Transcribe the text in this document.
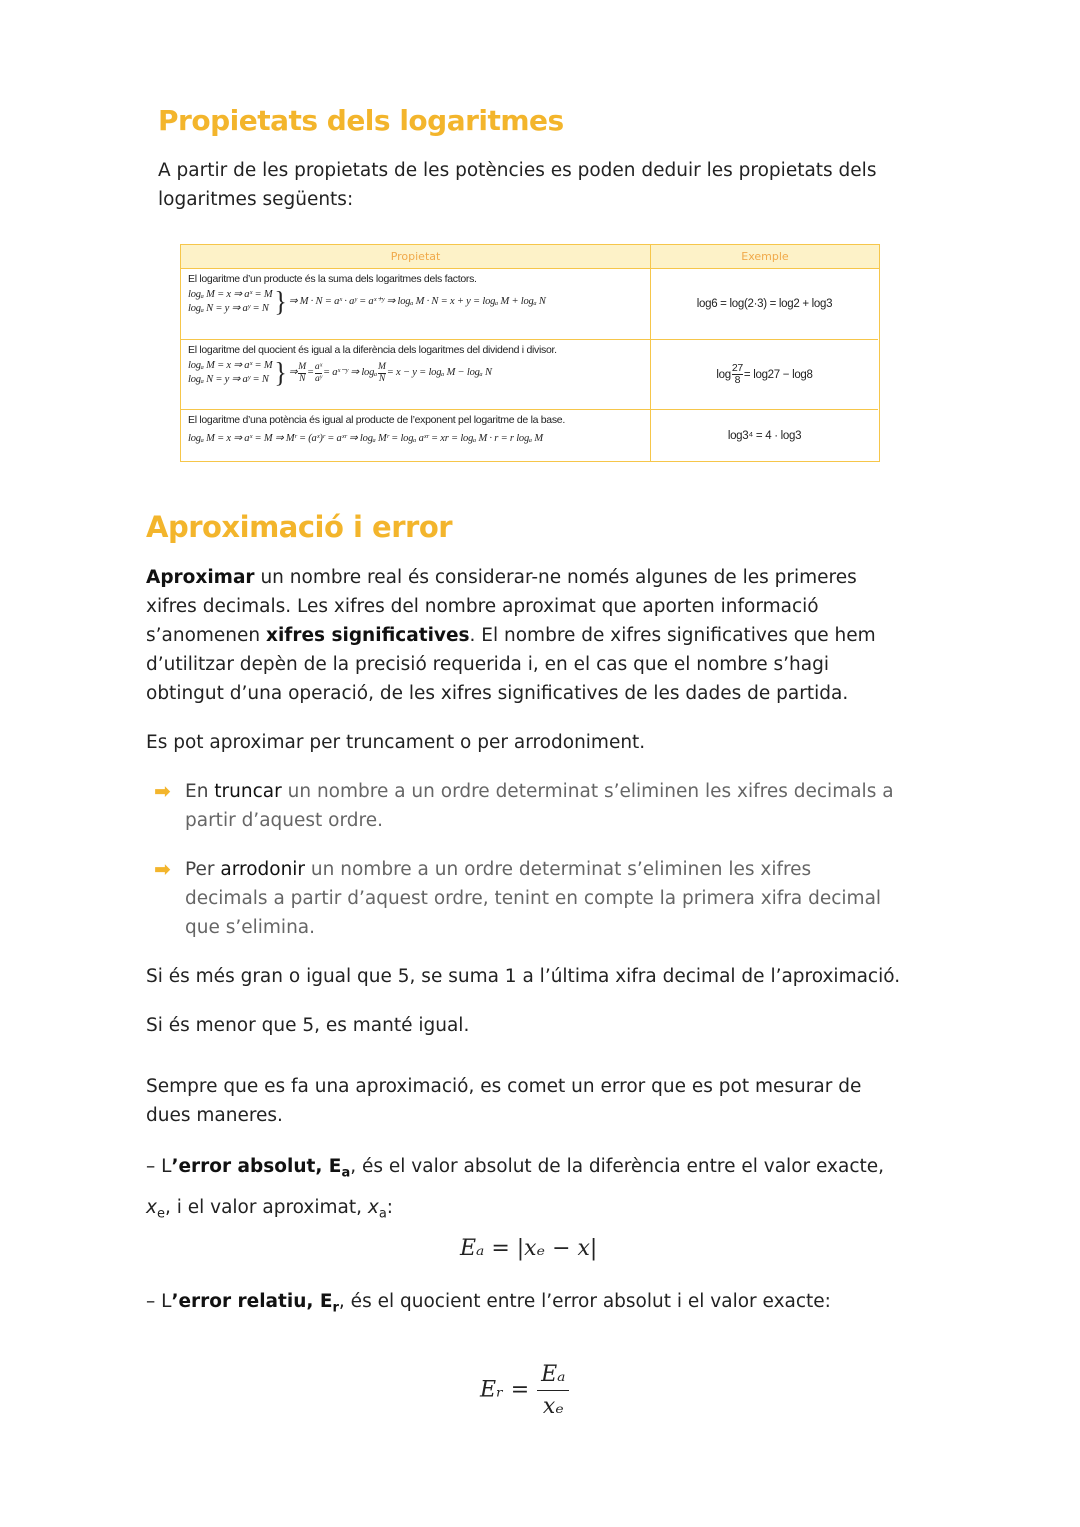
Propietats dels logaritmes

A partir de les propietats de les potències es poden deduir les propietats dels logaritmes següents:

Propietat	Exemple
El logaritme d’un producte és la suma dels logaritmes dels factors.
logₐ M = x ⇒ aˣ = M
logₐ N = y ⇒ aʸ = N } ⇒ M · N = aˣ · aʸ = aˣ⁺ʸ ⇒ logₐ M · N = x + y = logₐ M + logₐ N	log6 = log(2·3) = log2 + log3
El logaritme del quocient és igual a la diferència dels logaritmes del dividend i divisor.
logₐ M = x ⇒ aˣ = M
logₐ N = y ⇒ aʸ = N } ⇒ $\frac{M}{N} = \frac{\text{aˣ}}{\text{aʸ}}$ = aˣ⁻ʸ ⇒ logₐ $\frac{M}{N} = x - y = \log_a$ M − logₐ N	$\log \frac{27}{8} = \log 27 - \log 8$
El logaritme d’una potència és igual al producte de l’exponent pel logaritme de la base.
logₐ M = x ⇒ aˣ = M ⇒ Mʳ = (aˣ)ʳ = aˣʳ ⇒ logₐ Mʳ = logₐ aˣʳ = xr = logₐ M · r = r logₐ M	log3⁴ = 4 · log3
Aproximació i error

Aproximar un nombre real és considerar-ne només algunes de les primeres xifres decimals. Les xifres del nombre aproximat que aporten informació s’anomenen xifres significatives. El nombre de xifres significatives que hem d’utilitzar depèn de la precisió requerida i, en el cas que el nombre s’hagi obtingut d’una operació, de les xifres significatives de les dades de partida.

Es pot aproximar per truncament o per arrodoniment.

➡ En truncar un nombre a un ordre determinat s’eliminen les xifres decimals a partir d’aquest ordre.
➡ Per arrodonir un nombre a un ordre determinat s’eliminen les xifres decimals a partir d’aquest ordre, tenint en compte la primera xifra decimal que s’elimina.

Si és més gran o igual que 5, se suma 1 a l’última xifra decimal de l’aproximació.

Si és menor que 5, es manté igual.

Sempre que es fa una aproximació, es comet un error que es pot mesurar de dues maneres.

– L’error absolut, $E_a$, és el valor absolut de la diferència entre el valor exacte, $x_e$, i el valor aproximat, $x_a$:

Eₐ = |xₑ − x|

– L’error relatiu, $E_r$, és el quocient entre l’error absolut i el valor exacte:

Eᵣ = $\frac{\text{Eₐ}}{\text{xₑ}}$
